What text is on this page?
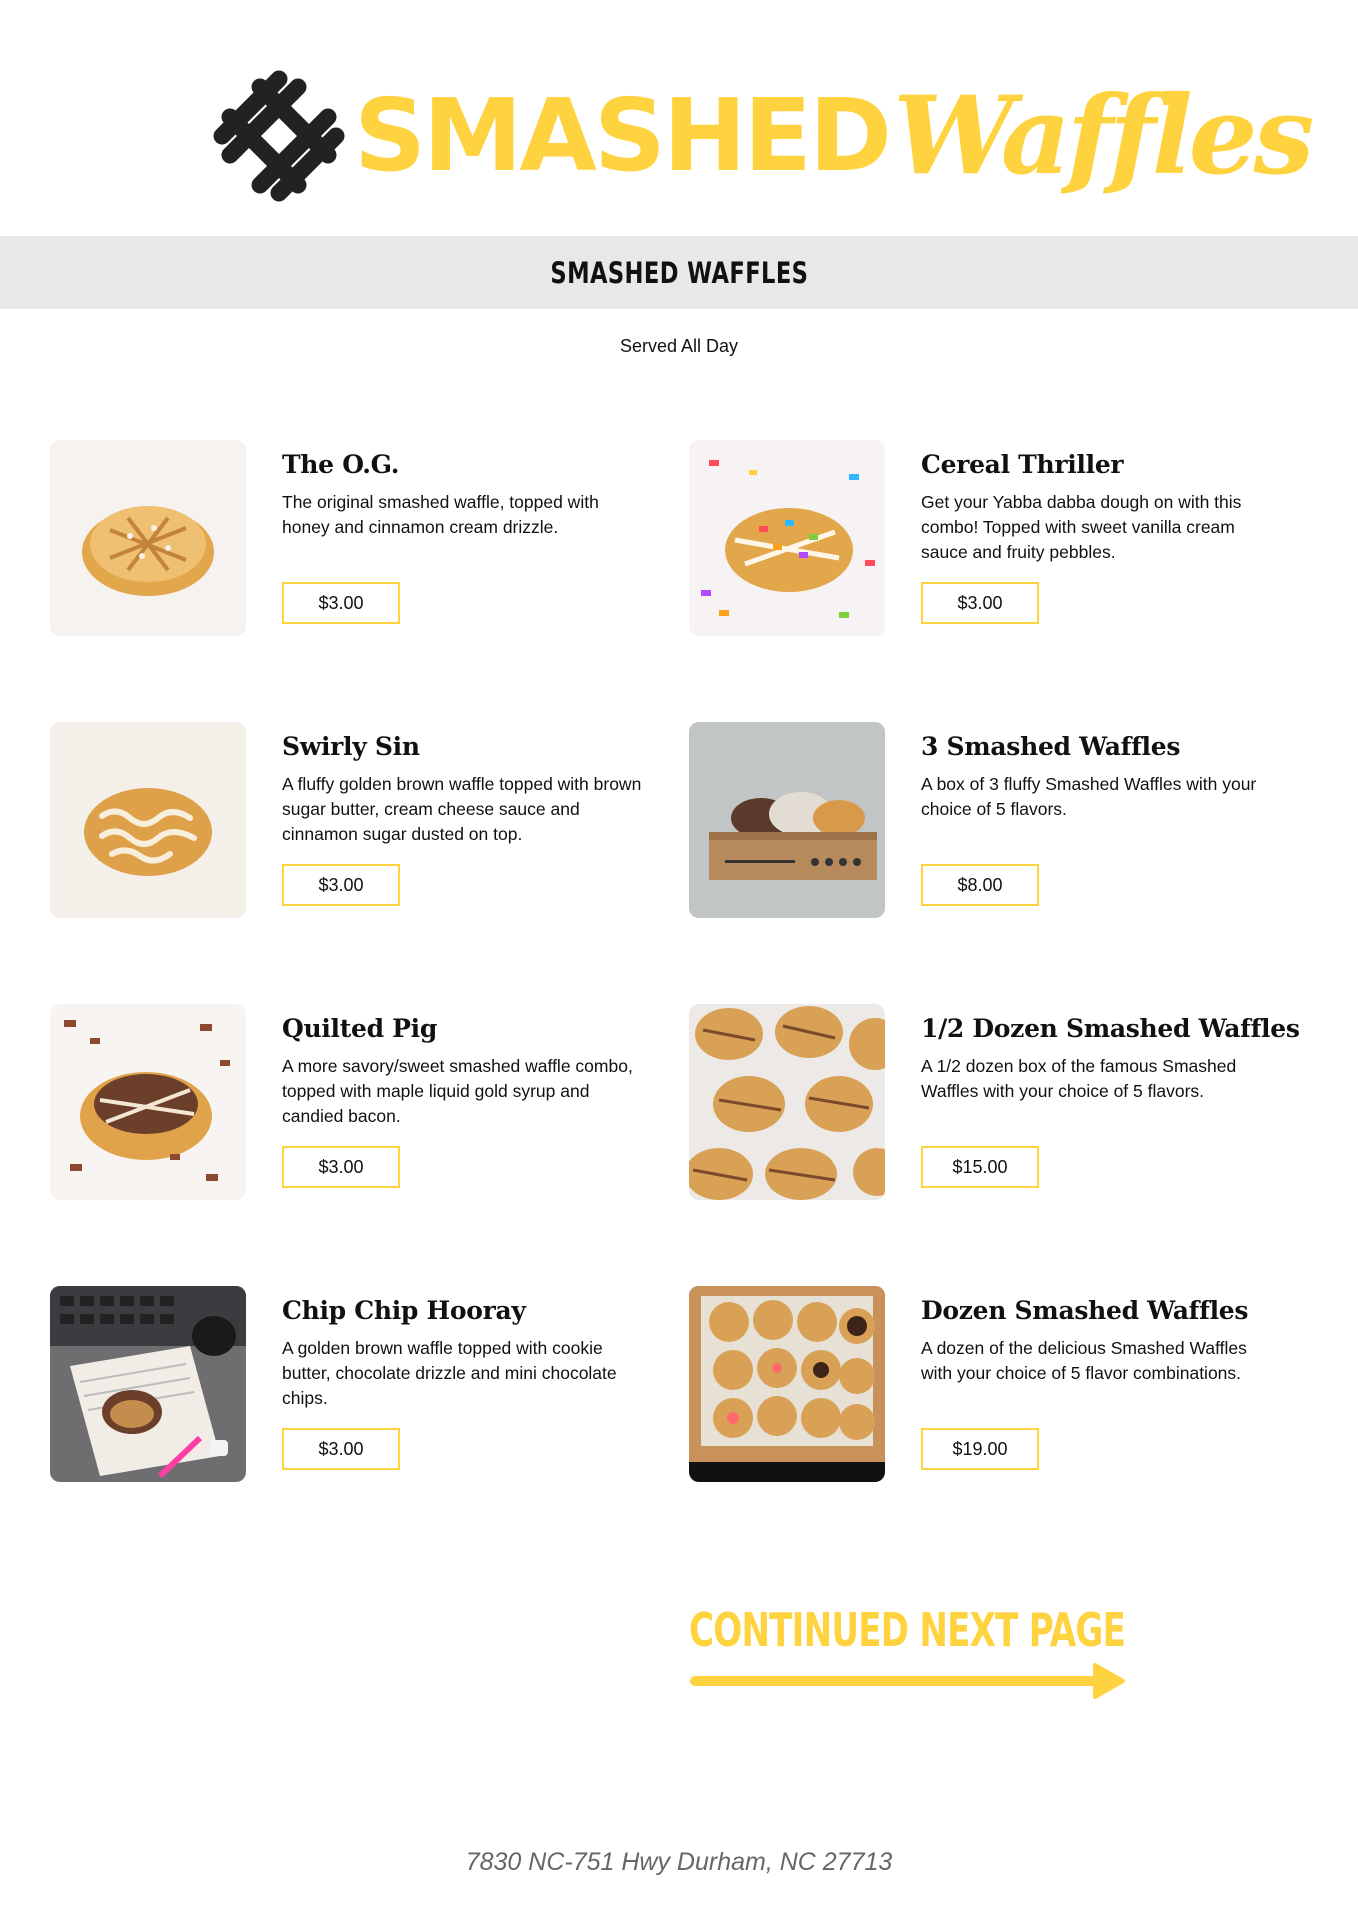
SMASHED Waffles
SMASHED WAFFLES
Served All Day
The O.G.
The original smashed waffle, topped with honey and cinnamon cream drizzle.
$3.00
Cereal Thriller
Get your Yabba dabba dough on with this combo! Topped with sweet vanilla cream sauce and fruity pebbles.
$3.00
Swirly Sin
A fluffy golden brown waffle topped with brown sugar butter, cream cheese sauce and cinnamon sugar dusted on top.
$3.00
3 Smashed Waffles
A box of 3 fluffy Smashed Waffles with your choice of 5 flavors.
$8.00
Quilted Pig
A more savory/sweet smashed waffle combo, topped with maple liquid gold syrup and candied bacon.
$3.00
1/2 Dozen Smashed Waffles
A 1/2 dozen box of the famous Smashed Waffles with your choice of 5 flavors.
$15.00
Chip Chip Hooray
A golden brown waffle topped with cookie butter, chocolate drizzle and mini chocolate chips.
$3.00
Dozen Smashed Waffles
A dozen of the delicious Smashed Waffles with your choice of 5 flavor combinations.
$19.00
CONTINUED NEXT PAGE
7830 NC-751 Hwy Durham, NC 27713
